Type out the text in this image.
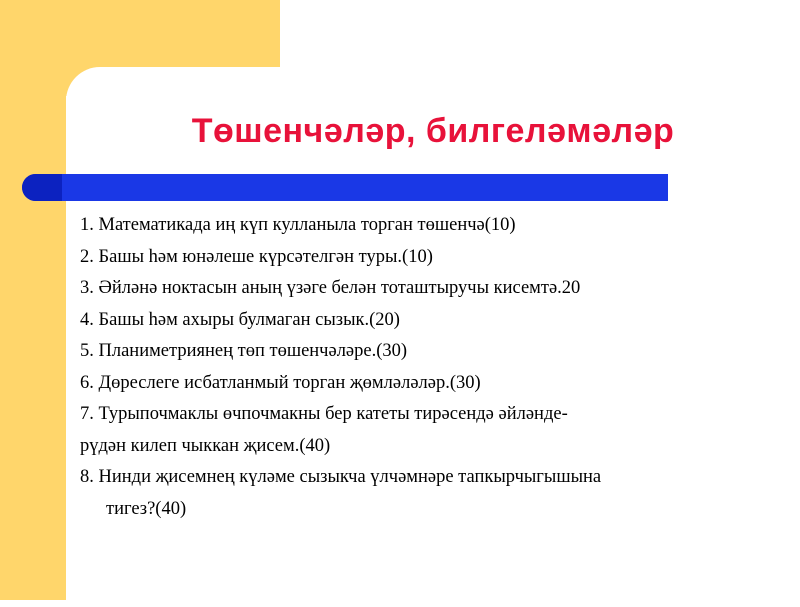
Төшенчәләр, билгеләмәләр
1. Математикада иң күп кулланыла торган төшенчә(10)
2. Башы һәм юнәлеше күрсәтелгән туры.(10)
3. Әйләнә ноктасын аның үзәге белән тоташтыручы кисемтә.20
4. Башы һәм ахыры булмаган сызык.(20)
5. Планиметриянең төп төшенчәләре.(30)
6. Дөреслеге исбатланмый торган җөмләләләр.(30)
7. Турыпочмаклы өчпочмакны бер катеты тирәсендә әйләнде-
рүдән килеп чыккан җисем.(40)
8. Нинди җисемнең күләме сызыкча үлчәмнәре тапкырчыгышына
тигез?(40)
